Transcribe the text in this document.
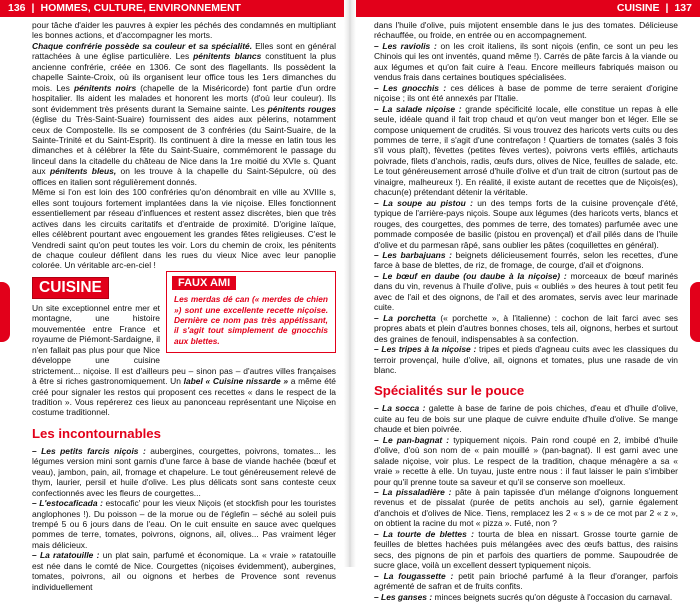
136 | HOMMES, CULTURE, ENVIRONNEMENT	CUISINE | 137

pour tâche d'aider les pauvres à expier les péchés des condamnés en multipliant les bonnes actions, et d'accompagner les morts.

Chaque confrérie possède sa couleur et sa spécialité. Elles sont en général rattachées à une église particulière. Les pénitents blancs constituent la plus ancienne confrérie, créée en 1306. Ce sont des flagellants. Ils possèdent la chapelle Sainte-Croix, où ils organisent leur office tous les 1ers dimanches du mois. Les pénitents noirs (chapelle de la Miséricorde) font partie d'un ordre hospitalier. Ils aident les malades et honorent les morts (d'où leur couleur). Ils sont évidemment très présents durant la Semaine sainte. Les pénitents rouges (église du Très-Saint-Suaire) fournissent des aides aux pèlerins, notamment ceux de Compostelle. Ils se composent de 3 confréries (du Saint-Suaire, de la Sainte-Trinité et du Saint-Esprit). Ils continuent à dire la messe en latin tous les dimanches et à célébrer la fête du Saint-Suaire, commémorent le passage du linceul dans la citadelle du château de Nice dans la 1re moitié du XVIe s. Quant aux pénitents bleus, on les trouve à la chapelle du Saint-Sépulcre, où des offices en italien sont régulièrement donnés.

Même si l'on est loin des 100 confréries qu'on dénombrait en ville au XVIIIe s, elles sont toujours fortement implantées dans la vie niçoise. Elles fonctionnent essentiellement par réseau d'influences et restent assez discrètes, bien que très actives dans les circuits caritatifs et d'entraide de proximité. D'origine laïque, elles célèbrent pourtant avec engouement les grandes fêtes religieuses. C'est le Vendredi saint qu'on peut toutes les voir. Lors du chemin de croix, les pénitents de chaque couleur défilent dans les rues du vieux Nice avec leur panoplie colorée. Un véritable arc-en-ciel !

CUISINE	FAUX AMI
Les merdas dé can (« merdes de chien ») sont une excellente recette niçoise. Dernière ce nom pas très appétissant, il s'agit tout simplement de gnocchis aux blettes.

Un site exceptionnel entre mer et montagne, une histoire mouvementée entre France et royaume de Piémont-Sardaigne, il n'en fallait pas plus pour que Nice développe une cuisine strictement... niçoise. Il est d'ailleurs peu – sinon pas – d'autres villes françaises à être si riches gastronomiquement. Un label « Cuisine nissarde » a même été créé pour signaler les restos qui proposent ces recettes « dans le respect de la tradition ». Vous repérerez ces lieux au panonceau représentant une Niçoise en costume traditionnel.

Les incontournables

– Les petits farcis niçois : aubergines, courgettes, poivrons, tomates... les légumes version mini sont garnis d'une farce à base de viande hachée (bœuf et veau), jambon, pain, ail, fromage et chapelure. Le tout généreusement relevé de thym, laurier, persil et huile d'olive. Les plus délicats sont sans conteste ceux confectionnés avec les fleurs de courgettes...

– L'estocaficada : estocafic' pour les vieux Niçois (et stockfish pour les touristes anglophones !). Du poisson – de la morue ou de l'églefin – séché au soleil puis trempé 5 ou 6 jours dans de l'eau. On le cuit ensuite en sauce avec quelques pommes de terre, tomates, poivrons, oignons, ail, olives... Pas vraiment léger mais délicieux.

– La ratatouille : un plat sain, parfumé et économique. La « vraie » ratatouille est née dans le comté de Nice. Courgettes (niçoises évidemment), aubergines, tomates, poivrons, ail ou oignons et herbes de Provence sont revenus individuellement

dans l'huile d'olive, puis mijotent ensemble dans le jus des tomates. Délicieuse réchauffée, ou froide, en entrée ou en accompagnement.

– Les raviolis : on les croit italiens, ils sont niçois (enfin, ce sont un peu les Chinois qui les ont inventés, quand même !). Carrés de pâte farcis à la viande ou aux légumes et qu'on fait cuire à l'eau. Encore meilleurs fabriqués maison ou vendus frais dans certaines boutiques spécialisées.

– Les gnocchis : ces délices à base de pomme de terre seraient d'origine niçoise ; ils ont été annexés par l'Italie.

– La salade niçoise : grande spécificité locale, elle constitue un repas à elle seule, idéale quand il fait trop chaud et qu'on veut manger bon et léger. Elle se compose uniquement de crudités. Si vous trouvez des haricots verts cuits ou des pommes de terre, il s'agit d'une contrefaçon ! Quartiers de tomates (salés 3 fois s'il vous plaît), fèvettes (petites fèves vertes), poivrons verts effilés, artichauts poivrade, filets d'anchois, radis, œufs durs, olives de Nice, feuilles de salade, etc. Le tout généreusement arrosé d'huile d'olive et d'un trait de citron (surtout pas de vinaigre, malheureux !). En réalité, il existe autant de recettes que de Niçois(es), chacun(e) prétendant détenir la véritable.

– La soupe au pistou : un des temps forts de la cuisine provençale d'été, typique de l'arrière-pays niçois. Soupe aux légumes (des haricots verts, blancs et rouges, des courgettes, des pommes de terre, des tomates) parfumée avec une pommade composée de basilic (pistou en provençal) et d'ail pilés dans de l'huile d'olive et du parmesan râpé, sans oublier les pâtes (coquillettes en général).

– Les barbajuans : beignets délicieusement fourrés, selon les recettes, d'une farce à base de blettes, de riz, de fromage, de courge, d'ail et d'oignons.

– Le bœuf en daube (ou daube à la niçoise) : morceaux de bœuf marinés dans du vin, revenus à l'huile d'olive, puis « oubliés » des heures à tout petit feu avec de l'ail et des oignons, de l'ail et des aromates, servis avec leur marinade cuite.

– La porchetta (« porchette », à l'italienne) : cochon de lait farci avec ses propres abats et plein d'autres bonnes choses, tels ail, oignons, herbes et surtout des graines de fenouil, indispensables à sa confection.

– Les tripes à la niçoise : tripes et pieds d'agneau cuits avec les classiques du terroir provençal, huile d'olive, ail, oignons et tomates, plus une rasade de vin blanc.

Spécialités sur le pouce

– La socca : galette à base de farine de pois chiches, d'eau et d'huile d'olive, cuite au feu de bois sur une plaque de cuivre enduite d'huile d'olive. Se mange chaude et bien poivrée.

– Le pan-bagnat : typiquement niçois. Pain rond coupé en 2, imbibé d'huile d'olive, d'où son nom de « pain mouillé » (pan-bagnat). Il est garni avec une salade niçoise, voir plus. Le respect de la tradition, chaque ménagère a sa « vraie » recette à elle. Un tuyau, juste entre nous : il faut laisser le pain s'imbiber pour qu'il prenne toute sa saveur et qu'il se conserve son moelleux.

– La pissaladière : pâte à pain tapissée d'un mélange d'oignons longuement revenus et de pissalat (purée de petits anchois au sel), garnie également d'anchois et d'olives de Nice. Tiens, remplacez les 2 « s » de ce mot par 2 « z », on obtient la racine du mot « pizza ». Futé, non ?

– La tourte de blettes : tourta de blea en nissart. Grosse tourte garnie de feuilles de blettes hachées puis mélangées avec des œufs battus, des raisins secs, des pignons de pin et parfois des quartiers de pomme. Saupoudrée de sucre glace, voilà un excellent dessert typiquement niçois.

– La fougassette : petit pain brioché parfumé à la fleur d'oranger, parfois agrémenté de safran et de fruits confits.

– Les ganses : minces beignets sucrés qu'on déguste à l'occasion du carnaval.
